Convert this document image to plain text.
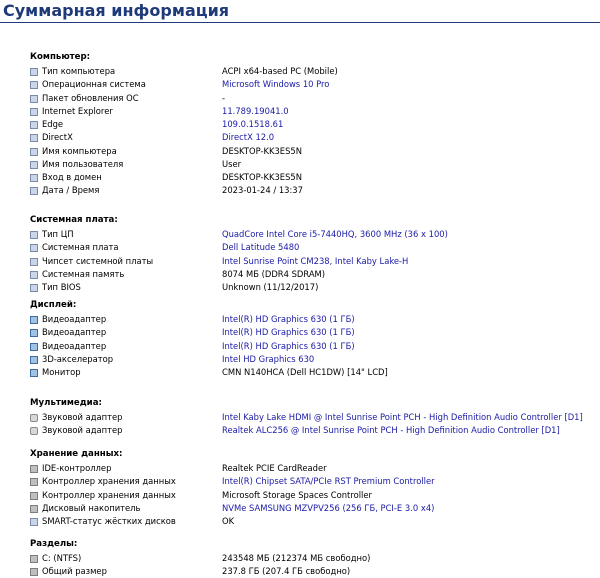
Суммарная информация
Компьютер:
Тип компьютера	ACPI x64-based PC (Mobile)
Операционная система	Microsoft Windows 10 Pro
Пакет обновления ОС	-
Internet Explorer	11.789.19041.0
Edge	109.0.1518.61
DirectX	DirectX 12.0
Имя компьютера	DESKTOP-KK3ES5N
Имя пользователя	User
Вход в домен	DESKTOP-KK3ES5N
Дата / Время	2023-01-24 / 13:37
Системная плата:
Тип ЦП	QuadCore Intel Core i5-7440HQ, 3600 MHz (36 x 100)
Системная плата	Dell Latitude 5480
Чипсет системной платы	Intel Sunrise Point CM238, Intel Kaby Lake-H
Системная память	8074 МБ (DDR4 SDRAM)
Тип BIOS	Unknown (11/12/2017)
Дисплей:
Видеоадаптер	Intel(R) HD Graphics 630 (1 ГБ)
Видеоадаптер	Intel(R) HD Graphics 630 (1 ГБ)
Видеоадаптер	Intel(R) HD Graphics 630 (1 ГБ)
3D-акселератор	Intel HD Graphics 630
Монитор	CMN N140HCA (Dell HC1DW) [14" LCD]
Мультимедиа:
Звуковой адаптер	Intel Kaby Lake HDMI @ Intel Sunrise Point PCH - High Definition Audio Controller [D1]
Звуковой адаптер	Realtek ALC256 @ Intel Sunrise Point PCH - High Definition Audio Controller [D1]
Хранение данных:
IDE-контроллер	Realtek PCIE CardReader
Контроллер хранения данных	Intel(R) Chipset SATA/PCIe RST Premium Controller
Контроллер хранения данных	Microsoft Storage Spaces Controller
Дисковый накопитель	NVMe SAMSUNG MZVPV256 (256 ГБ, PCI-E 3.0 x4)
SMART-статус жёстких дисков	OK
Разделы:
C: (NTFS)	243548 МБ (212374 МБ свободно)
Общий размер	237.8 ГБ (207.4 ГБ свободно)
